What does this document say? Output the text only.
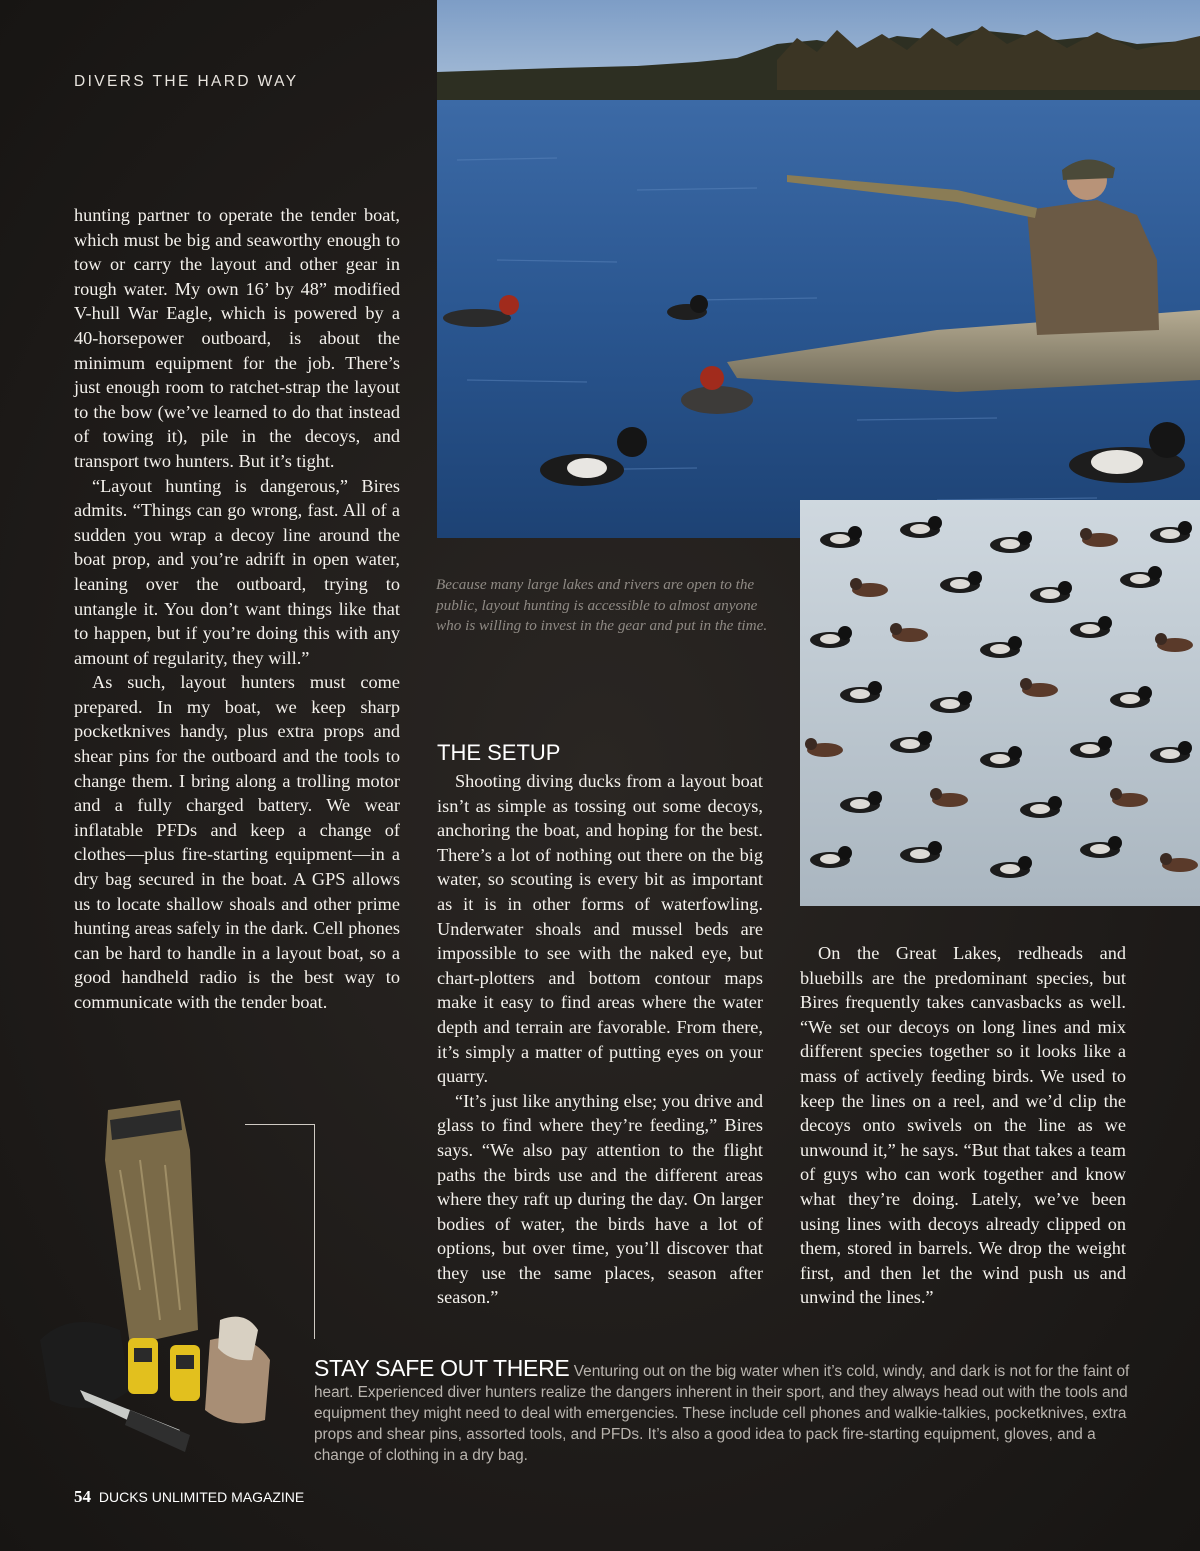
DIVERS THE HARD WAY
Because many large lakes and rivers are open to the public, layout hunting is accessible to almost anyone who is willing to invest in the gear and put in the time.

hunting partner to operate the tender boat, which must be big and seaworthy enough to tow or carry the layout and other gear in rough water. My own 16’ by 48” modified V-hull War Eagle, which is powered by a 40-horsepower outboard, is about the minimum equipment for the job. There’s just enough room to ratchet-strap the layout to the bow (we’ve learned to do that instead of towing it), pile in the decoys, and transport two hunters. But it’s tight.

“Layout hunting is dangerous,” Bires admits. “Things can go wrong, fast. All of a sudden you wrap a decoy line around the boat prop, and you’re adrift in open water, leaning over the outboard, trying to untangle it. You don’t want things like that to happen, but if you’re doing this with any amount of regularity, they will.”

As such, layout hunters must come prepared. In my boat, we keep sharp pocketknives handy, plus extra props and shear pins for the outboard and the tools to change them. I bring along a trolling motor and a fully charged battery. We wear inflatable PFDs and keep a change of clothes—plus fire-starting equipment—in a dry bag secured in the boat. A GPS allows us to locate shallow shoals and other prime hunting areas safely in the dark. Cell phones can be hard to handle in a layout boat, so a good handheld radio is the best way to communicate with the tender boat.

THE SETUP

Shooting diving ducks from a layout boat isn’t as simple as tossing out some decoys, anchoring the boat, and hoping for the best. There’s a lot of nothing out there on the big water, so scouting is every bit as important as it is in other forms of waterfowling. Underwater shoals and mussel beds are impossible to see with the naked eye, but chart-plotters and bottom contour maps make it easy to find areas where the water depth and terrain are favorable. From there, it’s simply a matter of putting eyes on your quarry.

“It’s just like anything else; you drive and glass to find where they’re feeding,” Bires says. “We also pay attention to the flight paths the birds use and the different areas where they raft up during the day. On larger bodies of water, the birds have a lot of options, but over time, you’ll discover that they use the same places, season after season.”

On the Great Lakes, redheads and bluebills are the predominant species, but Bires frequently takes canvasbacks as well. “We set our decoys on long lines and mix different species together so it looks like a mass of actively feeding birds. We used to keep the lines on a reel, and we’d clip the decoys onto swivels on the line as we unwound it,” he says. “But that takes a team of guys who can work together and know what they’re doing. Lately, we’ve been using lines with decoys already clipped on them, stored in barrels. We drop the weight first, and then let the wind push us and unwind the lines.”

STAY SAFE OUT THERE Venturing out on the big water when it’s cold, windy, and dark is not for the faint of heart. Experienced diver hunters realize the dangers inherent in their sport, and they always head out with the tools and equipment they might need to deal with emergencies. These include cell phones and walkie-talkies, pocketknives, extra props and shear pins, assorted tools, and PFDs. It’s also a good idea to pack fire-starting equipment, gloves, and a change of clothing in a dry bag.
54 DUCKS UNLIMITED MAGAZINE
